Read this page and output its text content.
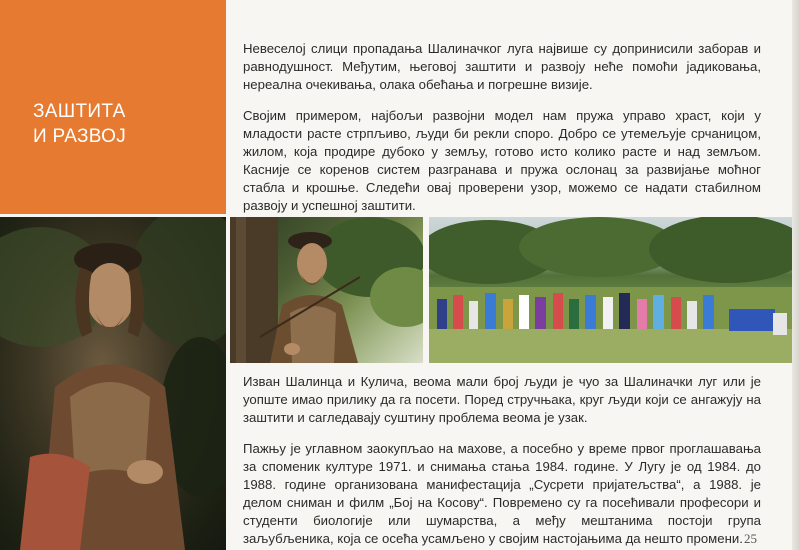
ЗАШТИТА
И РАЗВОЈ

Невеселој слици пропадања Шалиначког луга највише су допринисили заборав и равнодушност. Међутим, његовој заштити и развоју неће помоћи јадиковања, нереална очекивања, олака обећања и погрешне визије.

Својим примером, најбољи развојни модел нам пружа управо храст, који у младости расте стрпљиво, људи би рекли споро. Добро се утемељује срчаницом, жилом, која продире дубоко у земљу, готово исто колико расте и над земљом. Касније се коренов систем разгранава и пружа ослонац за развијање моћног стабла и крошње. Следећи овај проверени узор, можемо се надати стабилном развоју и успешној заштити.

Изван Шалинца и Кулича, веома мали број људи је чуо за Шалиначки луг или је уопште имао прилику да га посети. Поред стручњака, круг људи који се ангажују на заштити и сагледавају суштину проблема веома је узак.

Пажњу је углавном заокупљао на маховe, а посебно у време првог проглашавања за споменик културе 1971. и снимања стања 1984. године. У Лугу је од 1984. до 1988. године организована манифестација „Сусрети пријатељства“, а 1988. је делом сниман и филм „Бој на Косову“. Повремено су га посећивали професори и студенти биологије или шумарства, а међу мештанима постоји група заљубљеника, која се осећа усамљено у својим настојањима да нешто промени. 25
